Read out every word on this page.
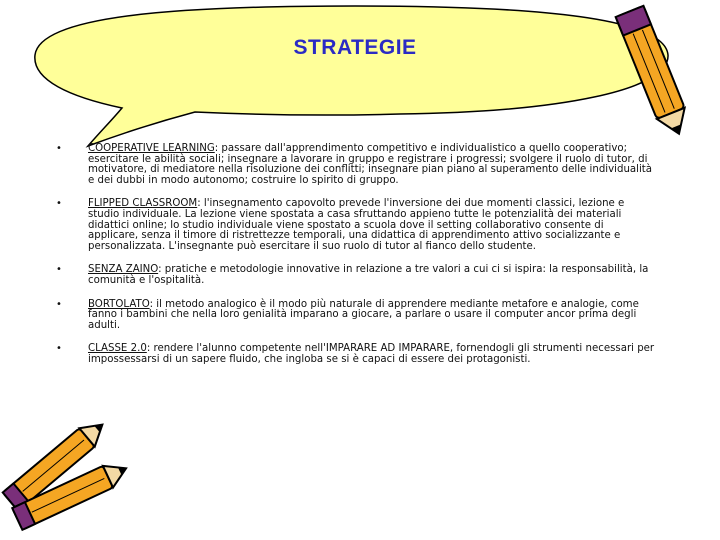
STRATEGIE
•	COOPERATIVE LEARNING: passare dall'apprendimento competitivo e individualistico a quello cooperativo; esercitare le abilità sociali; insegnare a lavorare in gruppo e registrare i progressi; svolgere il ruolo di tutor, di motivatore, di mediatore nella risoluzione dei conflitti; insegnare pian piano al superamento delle individualità e dei dubbi in modo autonomo; costruire lo spirito di gruppo.
•	FLIPPED CLASSROOM: l'insegnamento capovolto prevede l'inversione dei due momenti classici, lezione e studio individuale. La lezione viene spostata a casa sfruttando appieno tutte le potenzialità dei materiali didattici online; lo studio individuale viene spostato a scuola dove il setting collaborativo consente di applicare, senza il timore di ristrettezze temporali, una didattica di apprendimento attivo socializzante e personalizzata. L'insegnante può esercitare il suo ruolo di tutor al fianco dello studente.
•	SENZA ZAINO: pratiche e metodologie innovative in relazione a tre valori a cui ci si ispira: la responsabilità, la comunità e l'ospitalità.
•	BORTOLATO: il metodo analogico è il modo più naturale di apprendere mediante metafore e analogie, come fanno i bambini che nella loro genialità imparano a giocare, a parlare o usare il computer ancor prima degli adulti.
•	CLASSE 2.0: rendere l'alunno competente nell'IMPARARE AD IMPARARE, fornendogli gli strumenti necessari per impossessarsi di un sapere fluido, che ingloba se si è capaci di essere dei protagonisti.
